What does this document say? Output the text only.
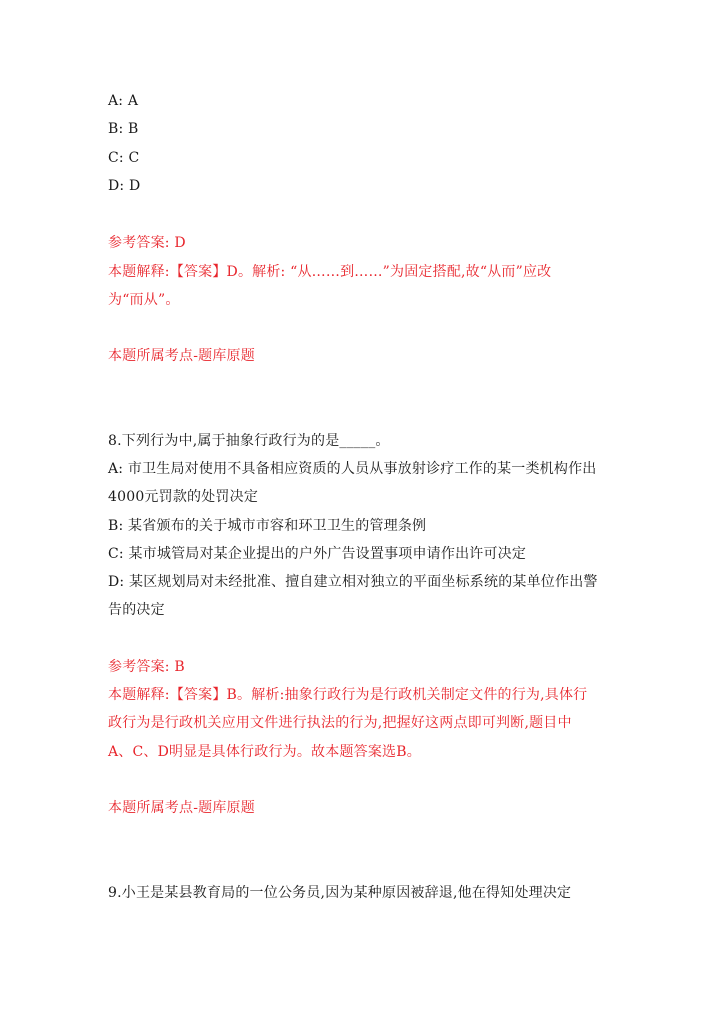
A: A
B: B
C: C
D: D
参考答案: D
本题解释:【答案】D。解析: “从……到……”为固定搭配,故“从而”应改
为“而从”。
本题所属考点-题库原题
8.下列行为中,属于抽象行政行为的是_____。
A: 市卫生局对使用不具备相应资质的人员从事放射诊疗工作的某一类机构作出
4000元罚款的处罚决定
B: 某省颁布的关于城市市容和环卫卫生的管理条例
C: 某市城管局对某企业提出的户外广告设置事项申请作出许可决定
D: 某区规划局对未经批准、擅自建立相对独立的平面坐标系统的某单位作出警
告的决定
参考答案: B
本题解释:【答案】B。解析:抽象行政行为是行政机关制定文件的行为,具体行
政行为是行政机关应用文件进行执法的行为,把握好这两点即可判断,题目中
A、C、D明显是具体行政行为。故本题答案选B。
本题所属考点-题库原题
9.小王是某县教育局的一位公务员,因为某种原因被辞退,他在得知处理决定
